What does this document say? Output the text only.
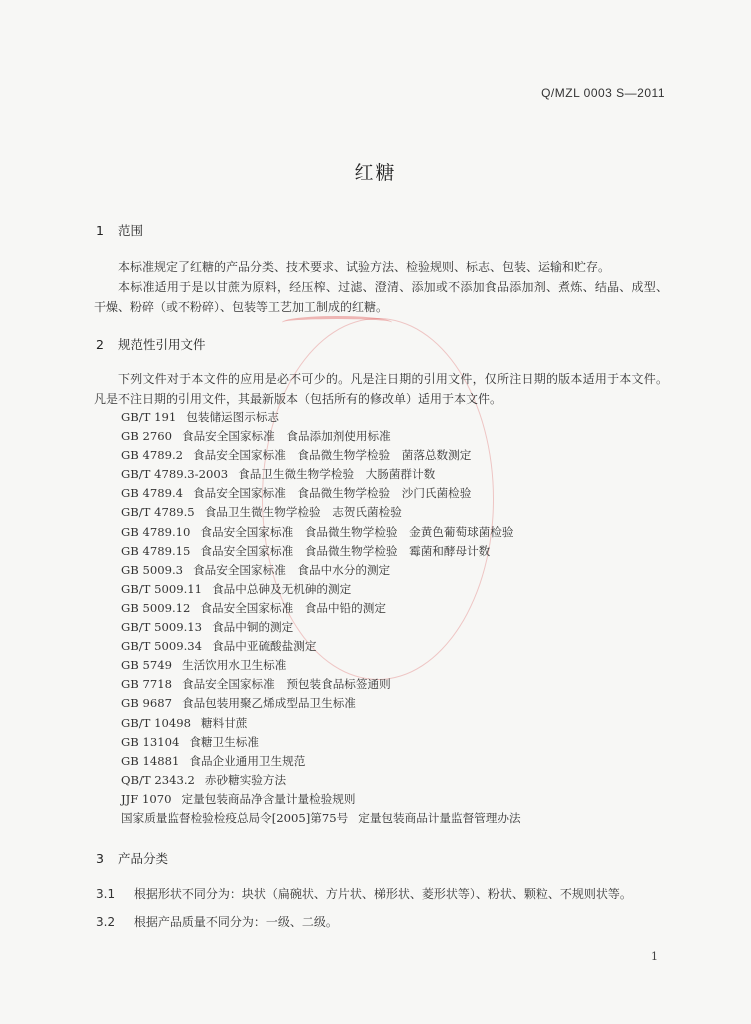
Q/MZL 0003 S—2011
红糖
1 范围
本标准规定了红糖的产品分类、技术要求、试验方法、检验规则、标志、包装、运输和贮存。
本标准适用于是以甘蔗为原料，经压榨、过滤、澄清、添加或不添加食品添加剂、煮炼、结晶、成型、干燥、粉碎（或不粉碎）、包装等工艺加工制成的红糖。
2 规范性引用文件
下列文件对于本文件的应用是必不可少的。凡是注日期的引用文件，仅所注日期的版本适用于本文件。凡是不注日期的引用文件，其最新版本（包括所有的修改单）适用于本文件。
GB/T 191 包装储运图示标志
GB 2760 食品安全国家标准　食品添加剂使用标准
GB 4789.2 食品安全国家标准　食品微生物学检验　菌落总数测定
GB/T 4789.3-2003 食品卫生微生物学检验　大肠菌群计数
GB 4789.4 食品安全国家标准　食品微生物学检验　沙门氏菌检验
GB/T 4789.5 食品卫生微生物学检验　志贺氏菌检验
GB 4789.10 食品安全国家标准　食品微生物学检验　金黄色葡萄球菌检验
GB 4789.15 食品安全国家标准　食品微生物学检验　霉菌和酵母计数
GB 5009.3 食品安全国家标准　食品中水分的测定
GB/T 5009.11 食品中总砷及无机砷的测定
GB 5009.12 食品安全国家标准　食品中铅的测定
GB/T 5009.13 食品中铜的测定
GB/T 5009.34 食品中亚硫酸盐测定
GB 5749 生活饮用水卫生标准
GB 7718 食品安全国家标准　预包装食品标签通则
GB 9687 食品包装用聚乙烯成型品卫生标准
GB/T 10498 糖料甘蔗
GB 13104 食糖卫生标准
GB 14881 食品企业通用卫生规范
QB/T 2343.2 赤砂糖实验方法
JJF 1070 定量包装商品净含量计量检验规则
国家质量监督检验检疫总局令[2005]第75号 定量包装商品计量监督管理办法
3 产品分类
3.1 根据形状不同分为：块状（扁碗状、方片状、梯形状、菱形状等）、粉状、颗粒、不规则状等。
3.2 根据产品质量不同分为：一级、二级。
1
